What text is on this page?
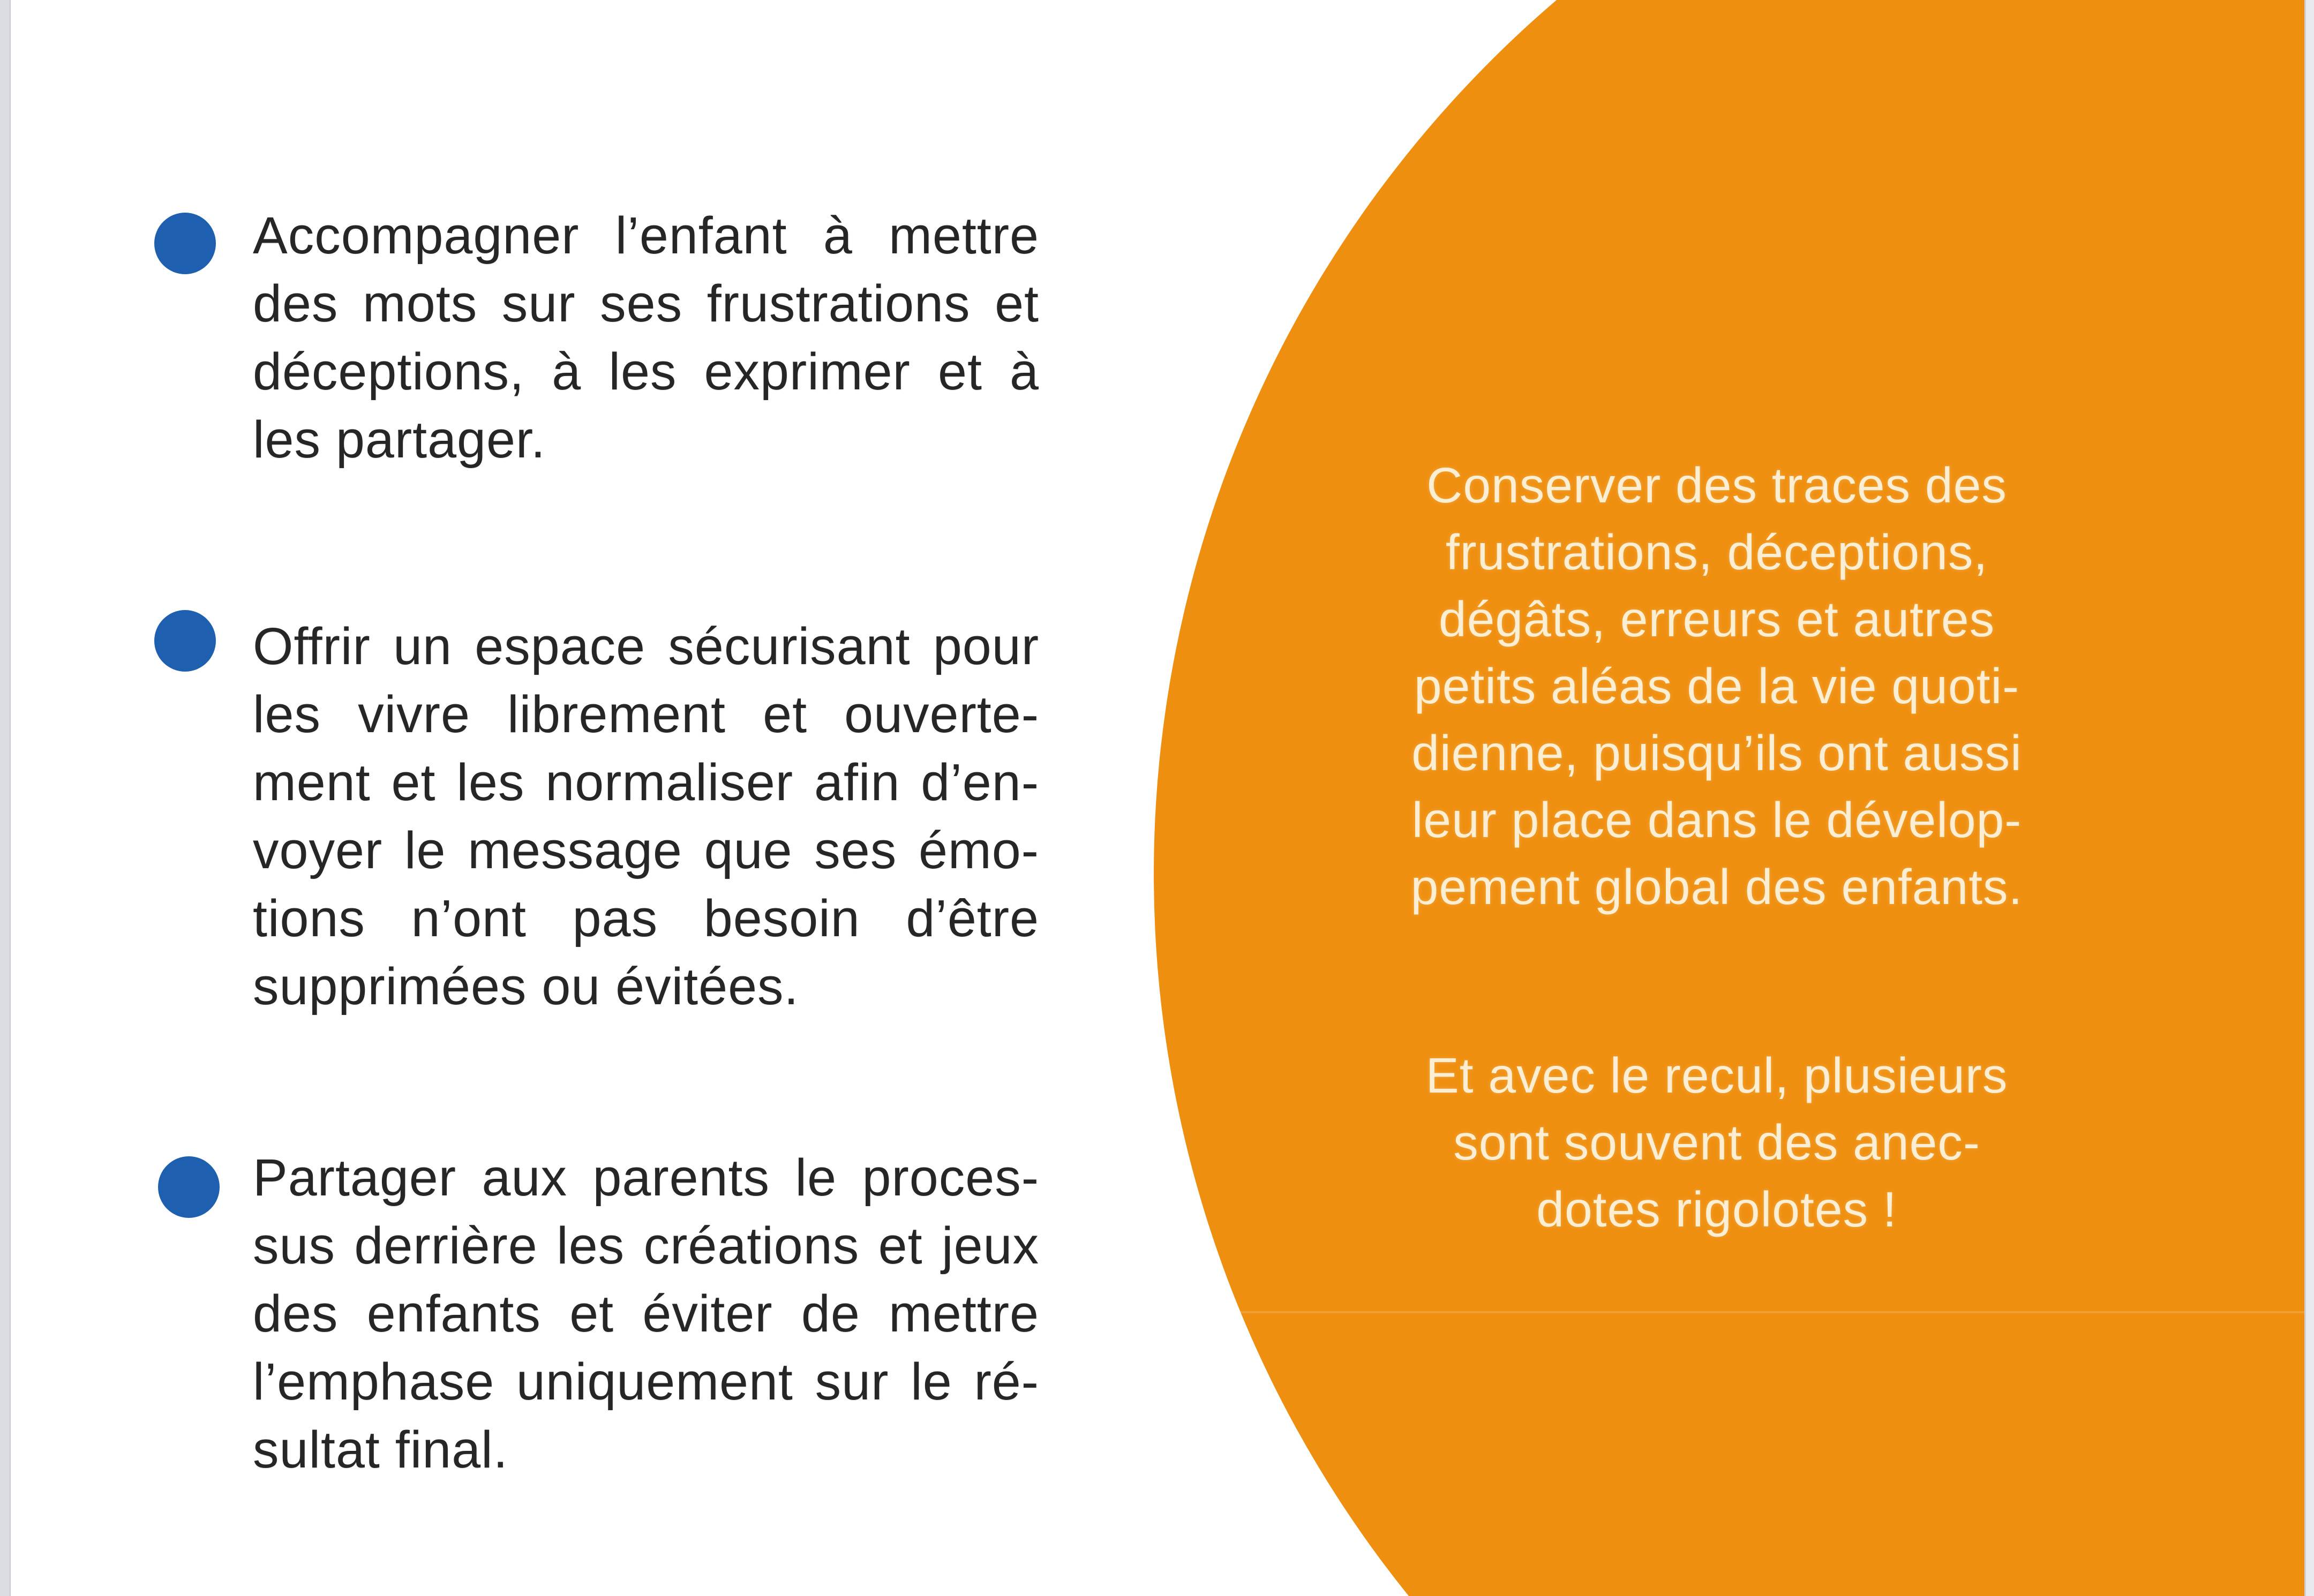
Accompagner l’enfant à mettre
des mots sur ses frustrations et
déceptions, à les exprimer et à
les partager.
Offrir un espace sécurisant pour
les vivre librement et ouverte-
ment et les normaliser afin d’en-
voyer le message que ses émo-
tions n’ont pas besoin d’être
supprimées ou évitées.
Partager aux parents le proces-
sus derrière les créations et jeux
des enfants et éviter de mettre
l’emphase uniquement sur le ré-
sultat final.
Conserver des traces des
frustrations, déceptions,
dégâts, erreurs et autres
petits aléas de la vie quoti-
dienne, puisqu’ils ont aussi
leur place dans le dévelop-
pement global des enfants.
Et avec le recul, plusieurs
sont souvent des anec-
dotes rigolotes !
